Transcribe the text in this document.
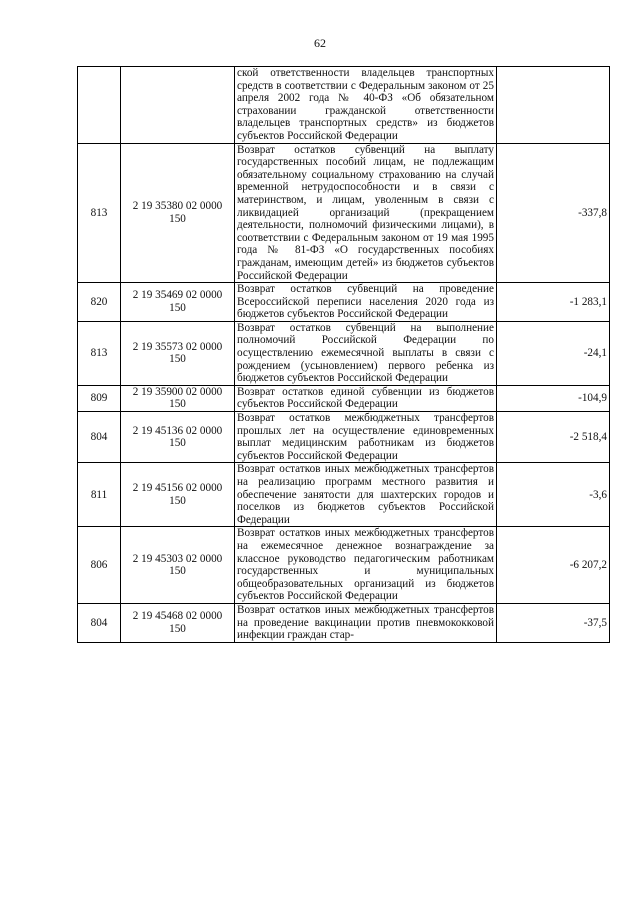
62
		ской ответственности владельцев транспортных средств в соответствии с Федеральным законом от 25 апреля 2002 года № 40-ФЗ «Об обязательном страховании гражданской ответственности владельцев транспортных средств» из бюджетов субъектов Российской Федерации	
813	2 19 35380 02 0000 150	Возврат остатков субвенций на выплату государственных пособий лицам, не подлежащим обязательному социальному страхованию на случай временной нетрудоспособности и в связи с материнством, и лицам, уволенным в связи с ликвидацией организаций (прекращением деятельности, полномочий физическими лицами), в соответствии с Федеральным законом от 19 мая 1995 года № 81-ФЗ «О государственных пособиях гражданам, имеющим детей» из бюджетов субъектов Российской Федерации	-337,8
820	2 19 35469 02 0000 150	Возврат остатков субвенций на проведение Всероссийской переписи населения 2020 года из бюджетов субъектов Российской Федерации	-1 283,1
813	2 19 35573 02 0000 150	Возврат остатков субвенций на выполнение полномочий Российской Федерации по осуществлению ежемесячной выплаты в связи с рождением (усыновлением) первого ребенка из бюджетов субъектов Российской Федерации	-24,1
809	2 19 35900 02 0000 150	Возврат остатков единой субвенции из бюджетов субъектов Российской Федерации	-104,9
804	2 19 45136 02 0000 150	Возврат остатков межбюджетных трансфертов прошлых лет на осуществление единовременных выплат медицинским работникам из бюджетов субъектов Российской Федерации	-2 518,4
811	2 19 45156 02 0000 150	Возврат остатков иных межбюджетных трансфертов на реализацию программ местного развития и обеспечение занятости для шахтерских городов и поселков из бюджетов субъектов Российской Федерации	-3,6
806	2 19 45303 02 0000 150	Возврат остатков иных межбюджетных трансфертов на ежемесячное денежное вознаграждение за классное руководство педагогическим работникам государственных и муниципальных общеобразовательных организаций из бюджетов субъектов Российской Федерации	-6 207,2
804	2 19 45468 02 0000 150	Возврат остатков иных межбюджетных трансфертов на проведение вакцинации против пневмококковой инфекции граждан стар-	-37,5
